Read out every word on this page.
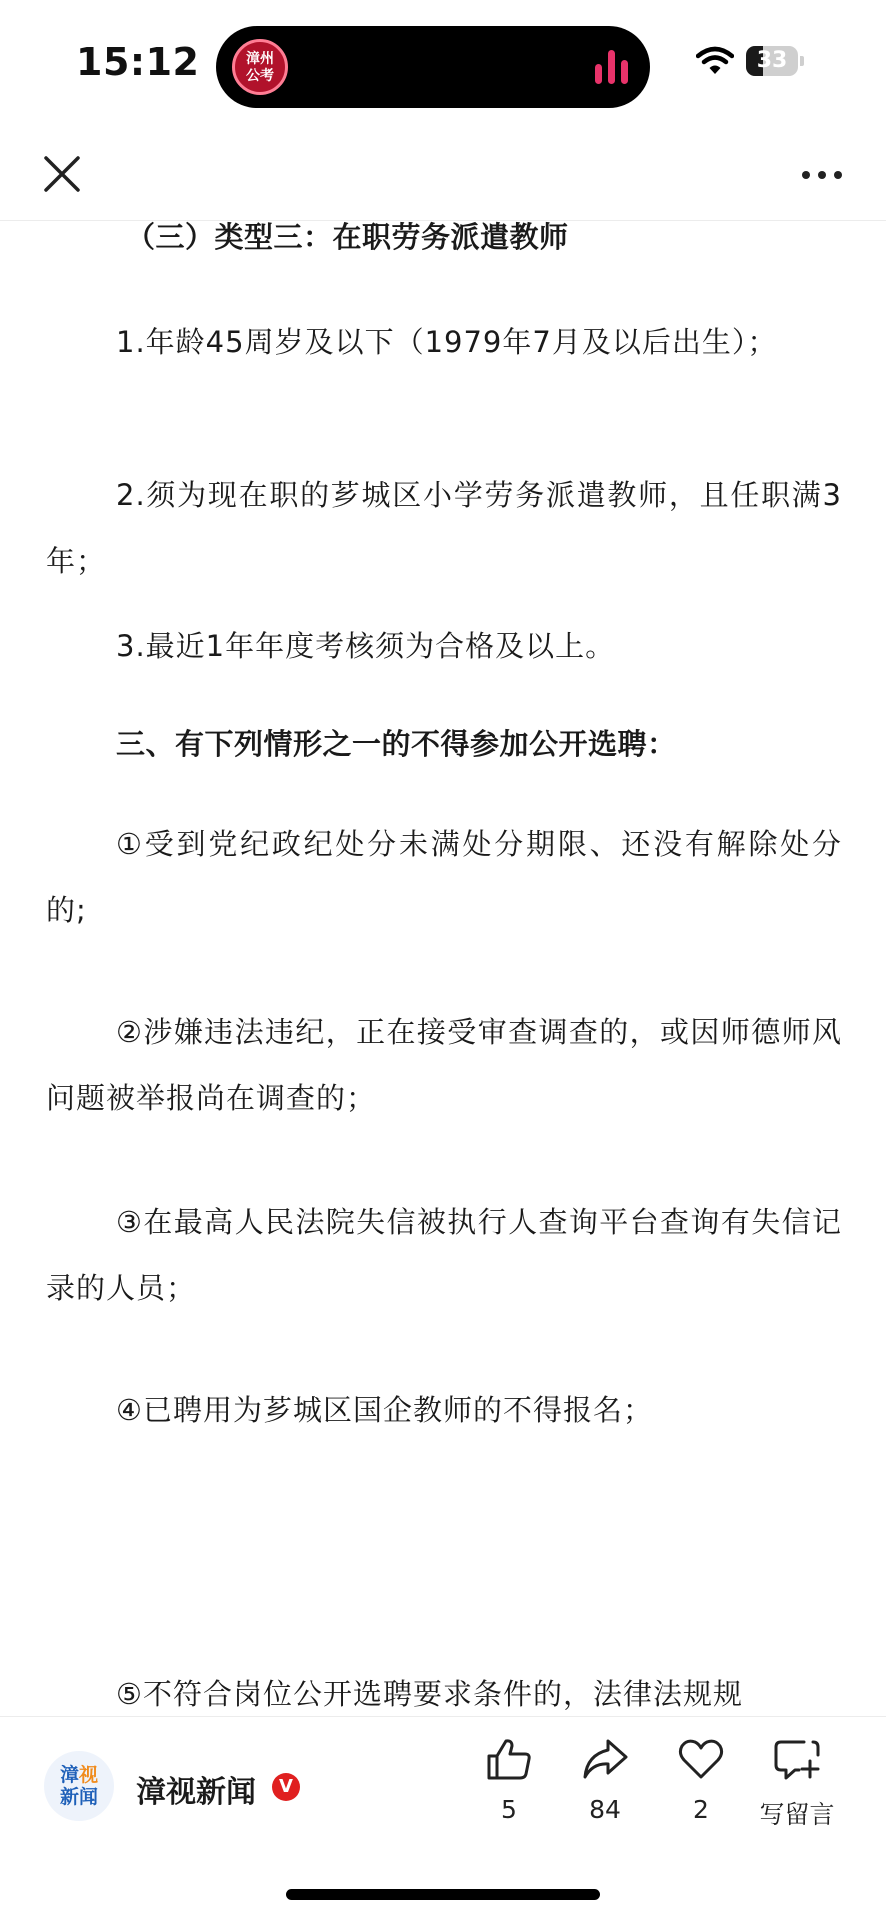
15:12	漳州
公考
33

（三）类型三：在职劳务派遣教师

1.年龄45周岁及以下（1979年7月及以后出生）；

2.须为现在职的芗城区小学劳务派遣教师，且任职满3年；

3.最近1年年度考核须为合格及以上。

三、有下列情形之一的不得参加公开选聘：

①受到党纪政纪处分未满处分期限、还没有解除处分的;

②涉嫌违法违纪，正在接受审查调查的，或因师德师风问题被举报尚在调查的；

③在最高人民法院失信被执行人查询平台查询有失信记录的人员；

④已聘用为芗城区国企教师的不得报名；

⑤不符合岗位公开选聘要求条件的，法律法规规

漳视
新闻	漳视新闻	V
5	84	2	写留言
